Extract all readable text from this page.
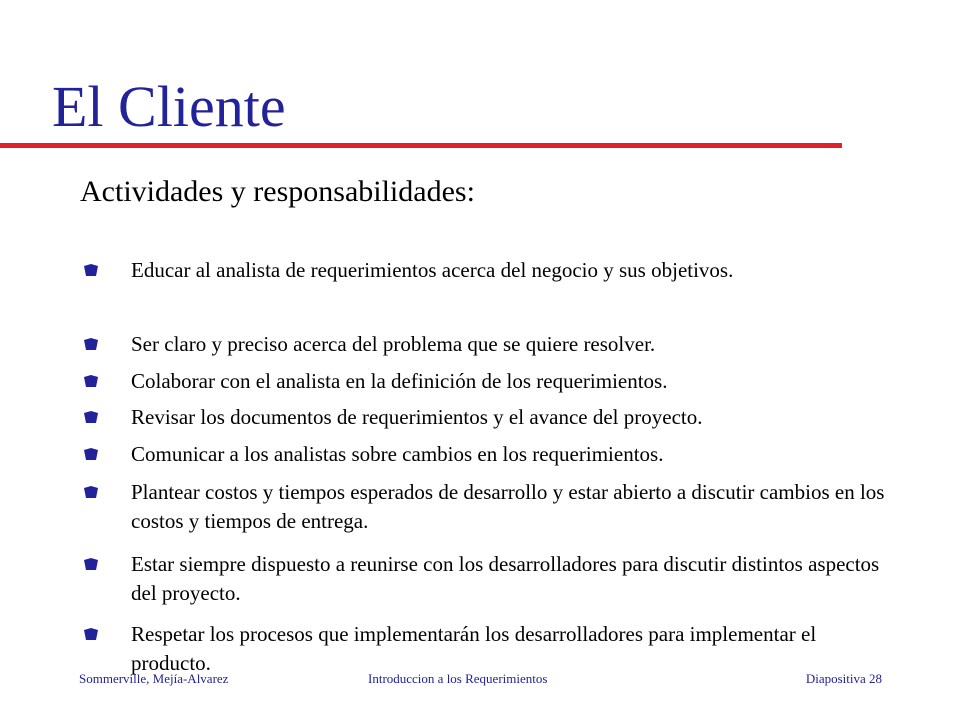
El Cliente
Actividades y responsabilidades:
Educar al analista de requerimientos acerca del negocio y sus objetivos.
Ser claro y preciso acerca del problema que se quiere resolver.
Colaborar con el analista en la definición de los requerimientos.
Revisar los documentos de requerimientos y el avance del proyecto.
Comunicar a los analistas sobre cambios en los requerimientos.
Plantear costos y tiempos esperados de desarrollo y estar abierto a discutir cambios en los costos y tiempos de entrega.
Estar siempre dispuesto a reunirse con los desarrolladores para discutir distintos aspectos del proyecto.
Respetar los procesos que implementarán los desarrolladores para implementar el producto.
Sommerville, Mejía-Alvarez	Introduccion a los Requerimientos	Diapositiva 28
